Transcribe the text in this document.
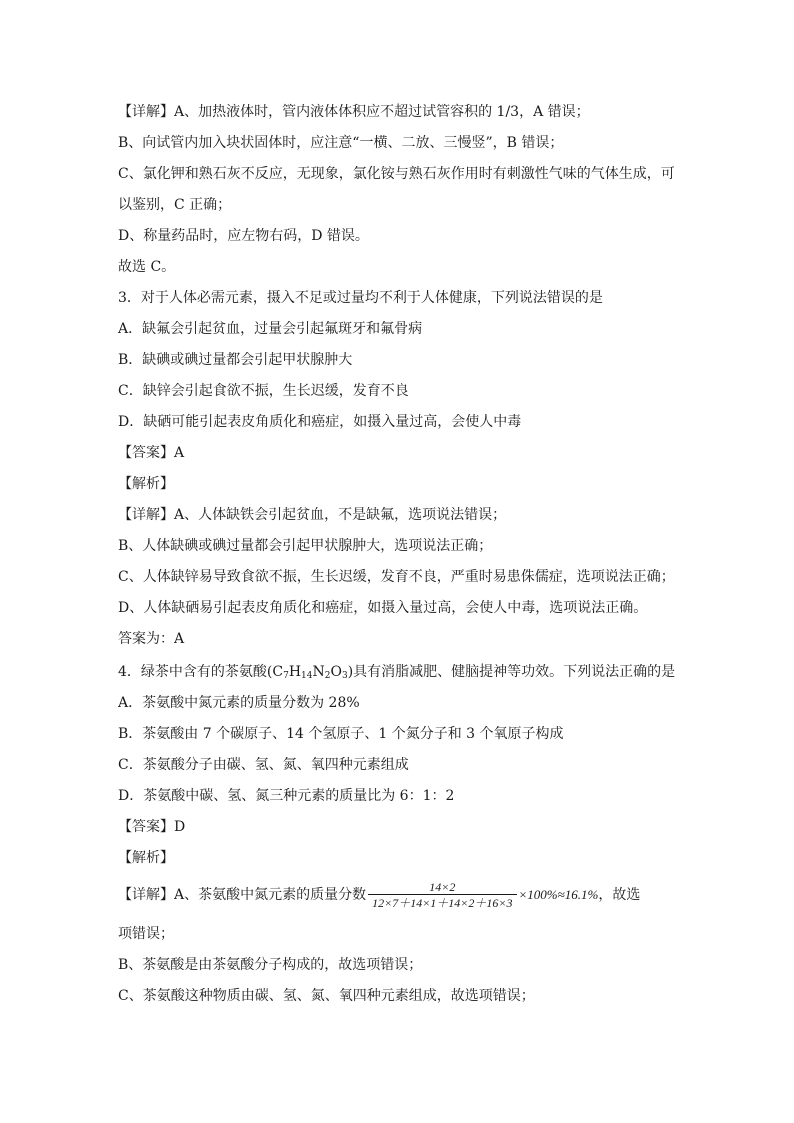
【详解】A、加热液体时，管内液体体积应不超过试管容积的 1/3，A 错误；
B、向试管内加入块状固体时，应注意“一横、二放、三慢竖”，B 错误；
C、氯化钾和熟石灰不反应，无现象，氯化铵与熟石灰作用时有刺激性气味的气体生成，可
以鉴别，C 正确；
D、称量药品时，应左物右码，D 错误。
故选 C。
3．对于人体必需元素，摄入不足或过量均不利于人体健康，下列说法错误的是
A．缺氟会引起贫血，过量会引起氟斑牙和氟骨病
B．缺碘或碘过量都会引起甲状腺肿大
C．缺锌会引起食欲不振，生长迟缓，发育不良
D．缺硒可能引起表皮角质化和癌症，如摄入量过高，会使人中毒
【答案】A
【解析】
【详解】A、人体缺铁会引起贫血，不是缺氟，选项说法错误；
B、人体缺碘或碘过量都会引起甲状腺肿大，选项说法正确；
C、人体缺锌易导致食欲不振，生长迟缓，发育不良，严重时易患侏儒症，选项说法正确；
D、人体缺硒易引起表皮角质化和癌症，如摄入量过高，会使人中毒，选项说法正确。
答案为：A
4．绿茶中含有的茶氨酸$(C_7H_{14}N_2O_3)$具有消脂减肥、健脑提神等功效。下列说法正确的是
A．茶氨酸中氮元素的质量分数为 28%
B．茶氨酸由 7 个碳原子、14 个氢原子、1 个氮分子和 3 个氧原子构成
C．茶氨酸分子由碳、氢、氮、氧四种元素组成
D．茶氨酸中碳、氢、氮三种元素的质量比为 6：1：2
【答案】D
【解析】
【详解】A、茶氨酸中氮元素的质量分数 $\frac{14\times 2}{12\times 7+14\times 1+14\times 2+16\times 3} \times 100\%\approx 16.1\%$，故选
项错误；
B、茶氨酸是由茶氨酸分子构成的，故选项错误；
C、茶氨酸这种物质由碳、氢、氮、氧四种元素组成，故选项错误；
